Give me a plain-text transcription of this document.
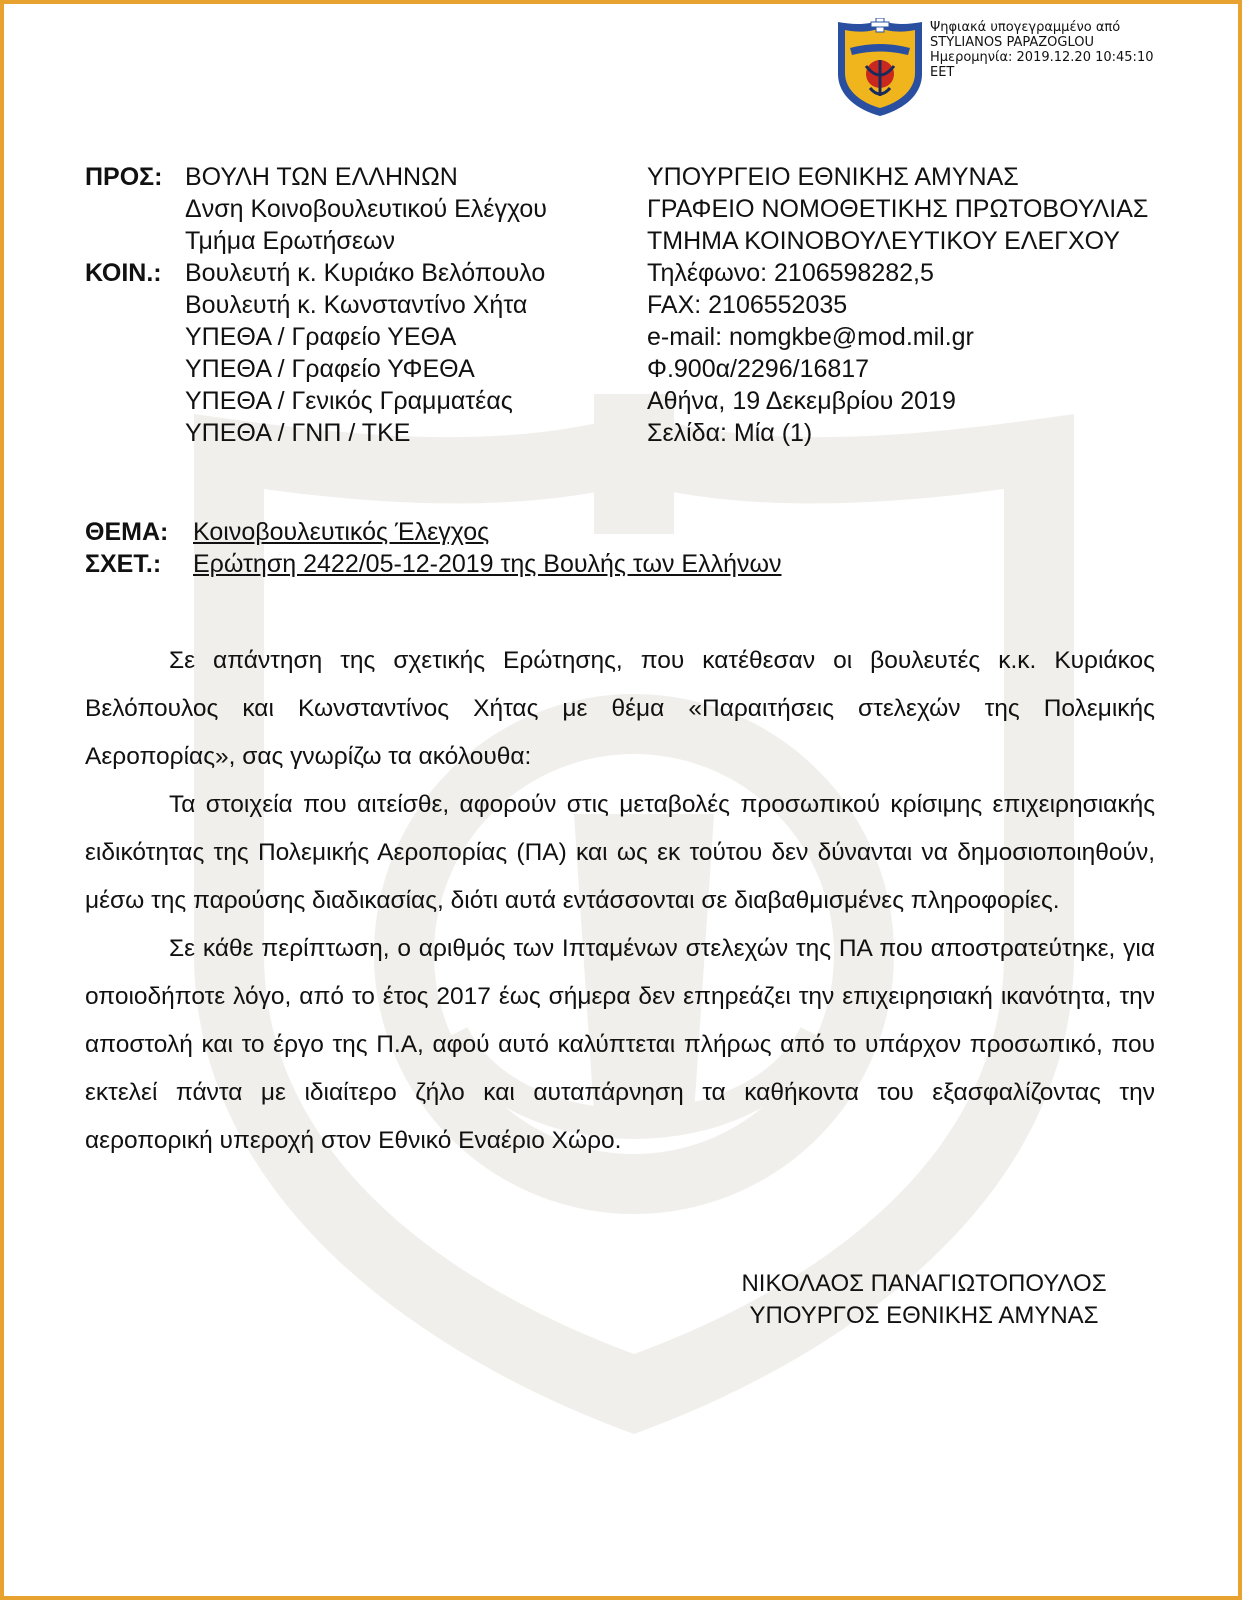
Ψηφιακά υπογεγραμμένο από
STYLIANOS PAPAZOGLOU
Ημερομηνία: 2019.12.20 10:45:10
EET
ΠΡΟΣ: ΒΟΥΛΗ ΤΩΝ ΕΛΛΗΝΩΝ
Δνση Κοινοβουλευτικού Ελέγχου
Τμήμα Ερωτήσεων
ΚΟΙΝ.: Βουλευτή κ. Κυριάκο Βελόπουλο
Βουλευτή κ. Κωνσταντίνο Χήτα
ΥΠΕΘΑ / Γραφείο ΥΕΘΑ
ΥΠΕΘΑ / Γραφείο ΥΦΕΘΑ
ΥΠΕΘΑ / Γενικός Γραμματέας
ΥΠΕΘΑ / ΓΝΠ / ΤΚΕ
ΥΠΟΥΡΓΕΙΟ ΕΘΝΙΚΗΣ ΑΜΥΝΑΣ
ΓΡΑΦΕΙΟ ΝΟΜΟΘΕΤΙΚΗΣ ΠΡΩΤΟΒΟΥΛΙΑΣ
ΤΜΗΜΑ ΚΟΙΝΟΒΟΥΛΕΥΤΙΚΟΥ ΕΛΕΓΧΟΥ
Τηλέφωνο: 2106598282,5
FAX: 2106552035
e-mail: nomgkbe@mod.mil.gr
Φ.900α/2296/16817
Αθήνα, 19 Δεκεμβρίου 2019
Σελίδα: Μία (1)
ΘΕΜΑ: Κοινοβουλευτικός Έλεγχος
ΣΧΕΤ.:	Ερώτηση 2422/05-12-2019 της Βουλής των Ελλήνων

Σε απάντηση της σχετικής Ερώτησης, που κατέθεσαν οι βουλευτές κ.κ. Κυριάκος Βελόπουλος και Κωνσταντίνος Χήτας με θέμα «Παραιτήσεις στελεχών της Πολεμικής Αεροπορίας», σας γνωρίζω τα ακόλουθα:

Τα στοιχεία που αιτείσθε, αφορούν στις μεταβολές προσωπικού κρίσιμης επιχειρησιακής ειδικότητας της Πολεμικής Αεροπορίας (ΠΑ) και ως εκ τούτου δεν δύνανται να δημοσιοποιηθούν, μέσω της παρούσης διαδικασίας, διότι αυτά εντάσσονται σε διαβαθμισμένες πληροφορίες.

Σε κάθε περίπτωση, ο αριθμός των Ιπταμένων στελεχών της ΠΑ που αποστρατεύτηκε, για οποιοδήποτε λόγο, από το έτος 2017 έως σήμερα δεν επηρεάζει την επιχειρησιακή ικανότητα, την αποστολή και το έργο της Π.Α, αφού αυτό καλύπτεται πλήρως από το υπάρχον προσωπικό, που εκτελεί πάντα με ιδιαίτερο ζήλο και αυταπάρνηση τα καθήκοντα του εξασφαλίζοντας την αεροπορική υπεροχή στον Εθνικό Εναέριο Χώρο.

ΝΙΚΟΛΑΟΣ ΠΑΝΑΓΙΩΤΟΠΟΥΛΟΣ
ΥΠΟΥΡΓΟΣ ΕΘΝΙΚΗΣ ΑΜΥΝΑΣ
